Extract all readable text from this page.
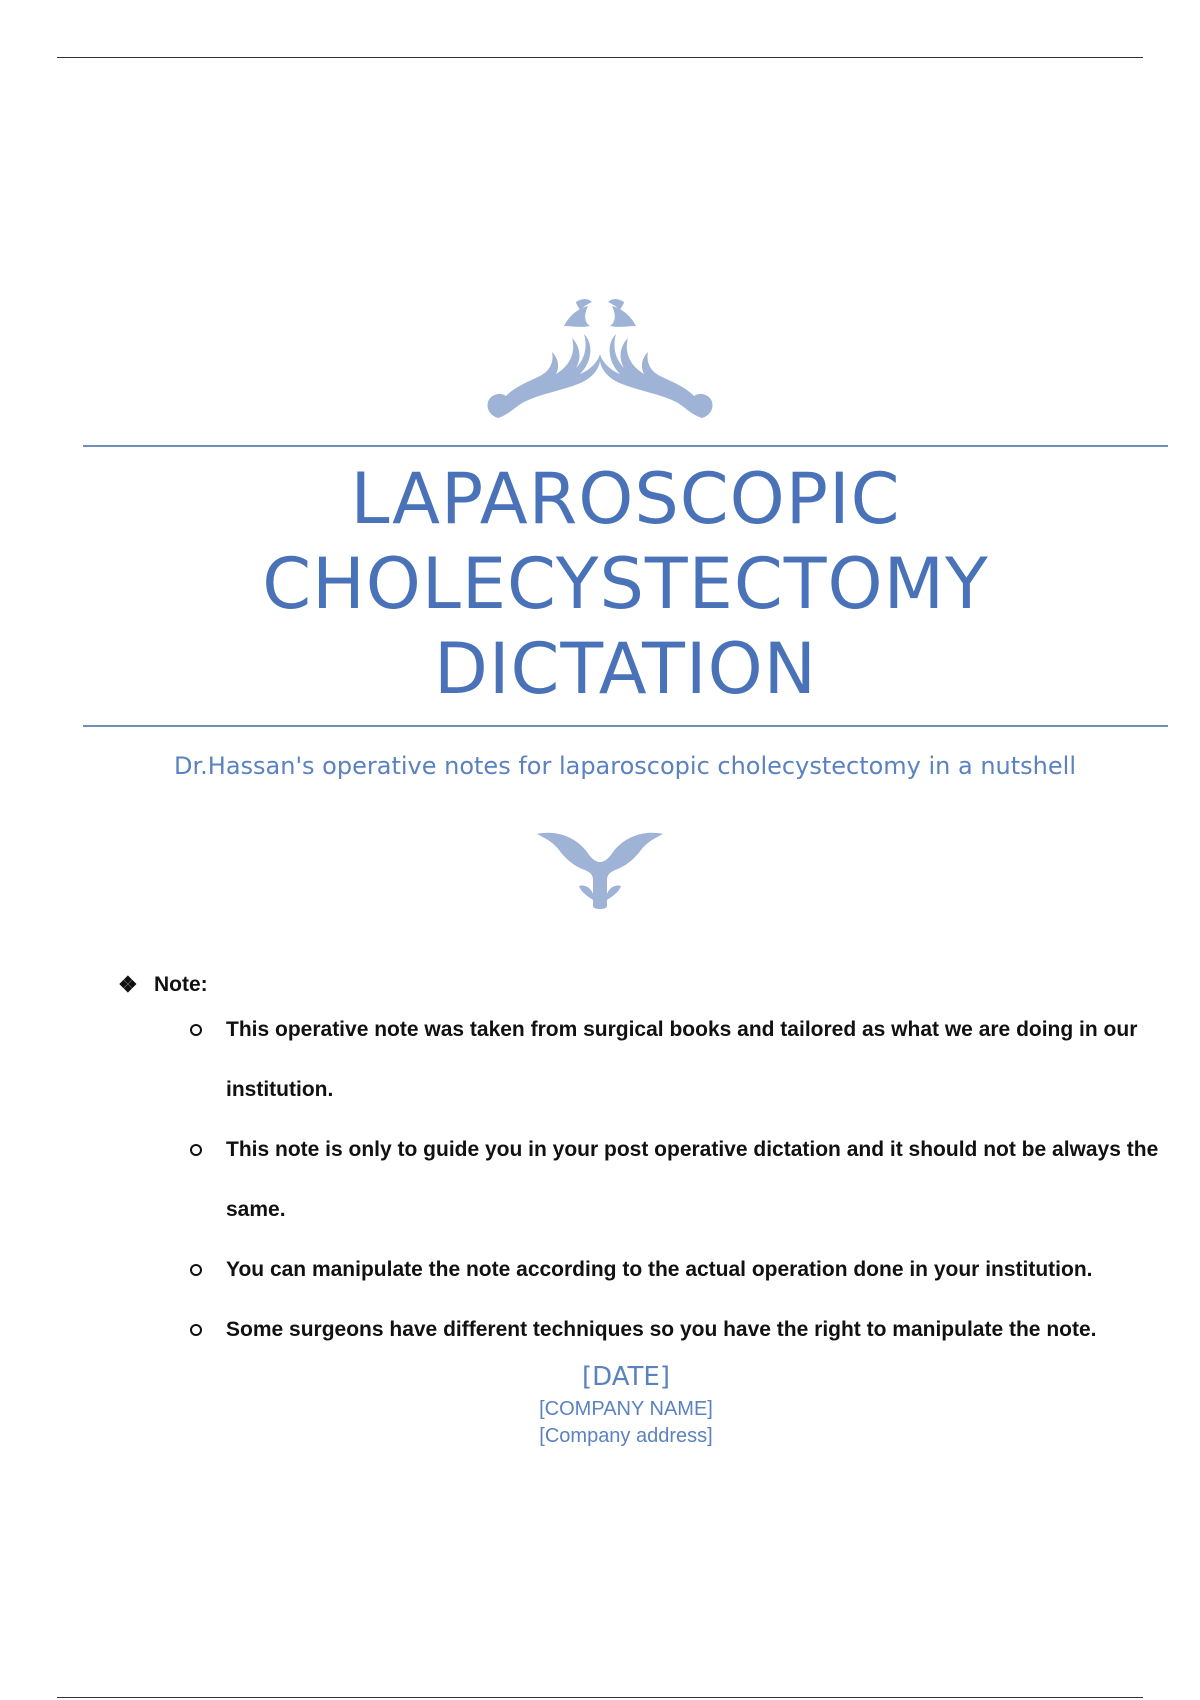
LAPAROSCOPIC
CHOLECYSTECTOMY
DICTATION
Dr.Hassan's operative notes for laparoscopic cholecystectomy in a nutshell
❖ Note:
This operative note was taken from surgical books and tailored as what we are doing in our institution.
This note is only to guide you in your post operative dictation and it should not be always the same.
You can manipulate the note according to the actual operation done in your institution.
Some surgeons have different techniques so you have the right to manipulate the note.
[DATE]
[COMPANY NAME]
[Company address]
